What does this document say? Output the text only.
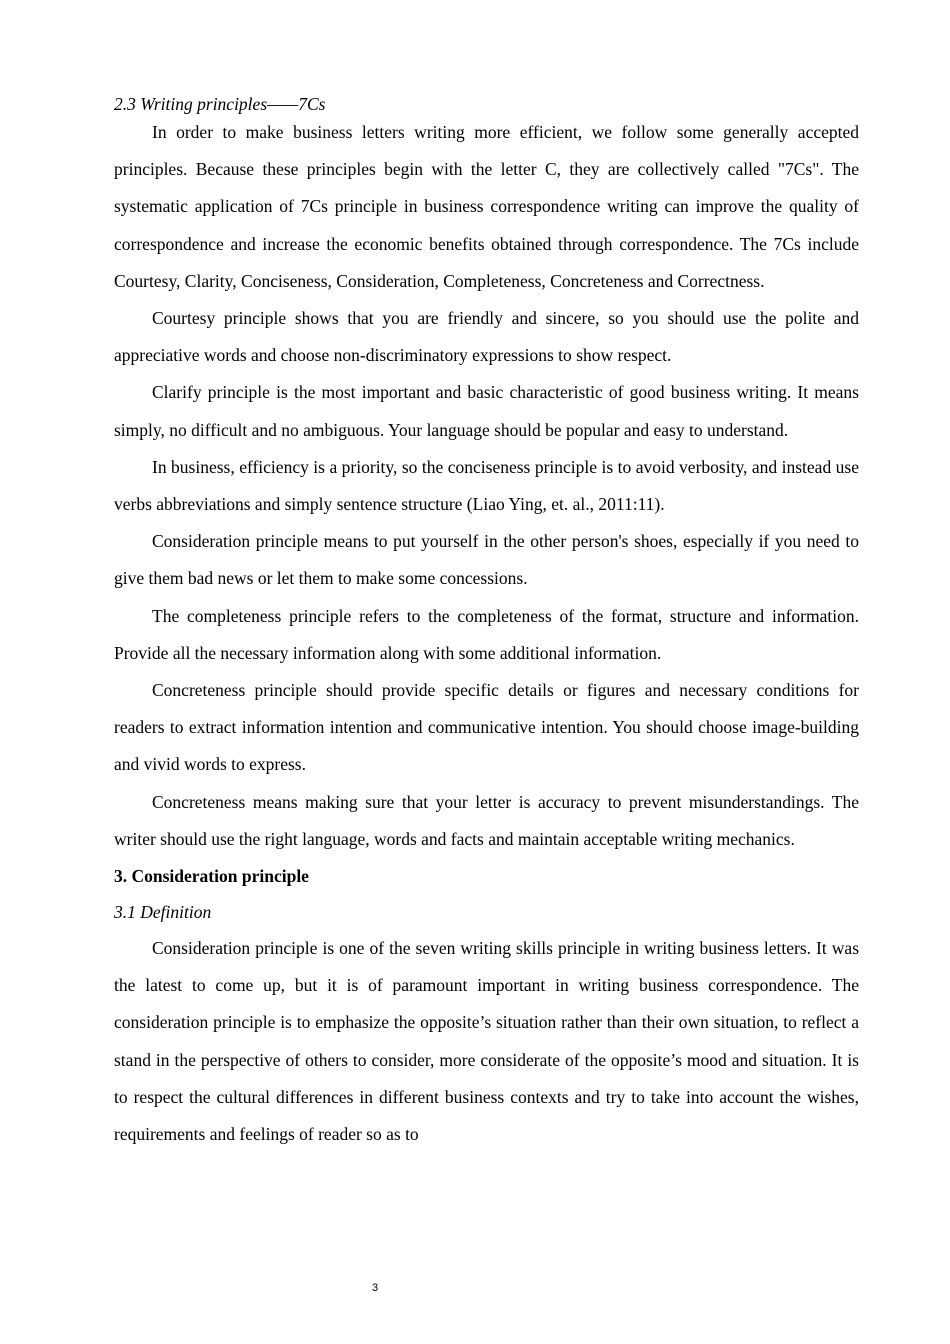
2.3 Writing principles——7Cs

In order to make business letters writing more efficient, we follow some generally accepted principles. Because these principles begin with the letter C, they are collectively called "7Cs". The systematic application of 7Cs principle in business correspondence writing can improve the quality of correspondence and increase the economic benefits obtained through correspondence. The 7Cs include Courtesy, Clarity, Conciseness, Consideration, Completeness, Concreteness and Correctness.

Courtesy principle shows that you are friendly and sincere, so you should use the polite and appreciative words and choose non-discriminatory expressions to show respect.

Clarify principle is the most important and basic characteristic of good business writing. It means simply, no difficult and no ambiguous. Your language should be popular and easy to understand.

In business, efficiency is a priority, so the conciseness principle is to avoid verbosity, and instead use verbs abbreviations and simply sentence structure (Liao Ying, et. al., 2011:11).

Consideration principle means to put yourself in the other person's shoes, especially if you need to give them bad news or let them to make some concessions.

The completeness principle refers to the completeness of the format, structure and information. Provide all the necessary information along with some additional information.

Concreteness principle should provide specific details or figures and necessary conditions for readers to extract information intention and communicative intention. You should choose image-building and vivid words to express.

Concreteness means making sure that your letter is accuracy to prevent misunderstandings. The writer should use the right language, words and facts and maintain acceptable writing mechanics.

3. Consideration principle
3.1 Definition

Consideration principle is one of the seven writing skills principle in writing business letters. It was the latest to come up, but it is of paramount important in writing business correspondence. The consideration principle is to emphasize the opposite’s situation rather than their own situation, to reflect a stand in the perspective of others to consider, more considerate of the opposite’s mood and situation. It is to respect the cultural differences in different business contexts and try to take into account the wishes, requirements and feelings of reader so as to

3
